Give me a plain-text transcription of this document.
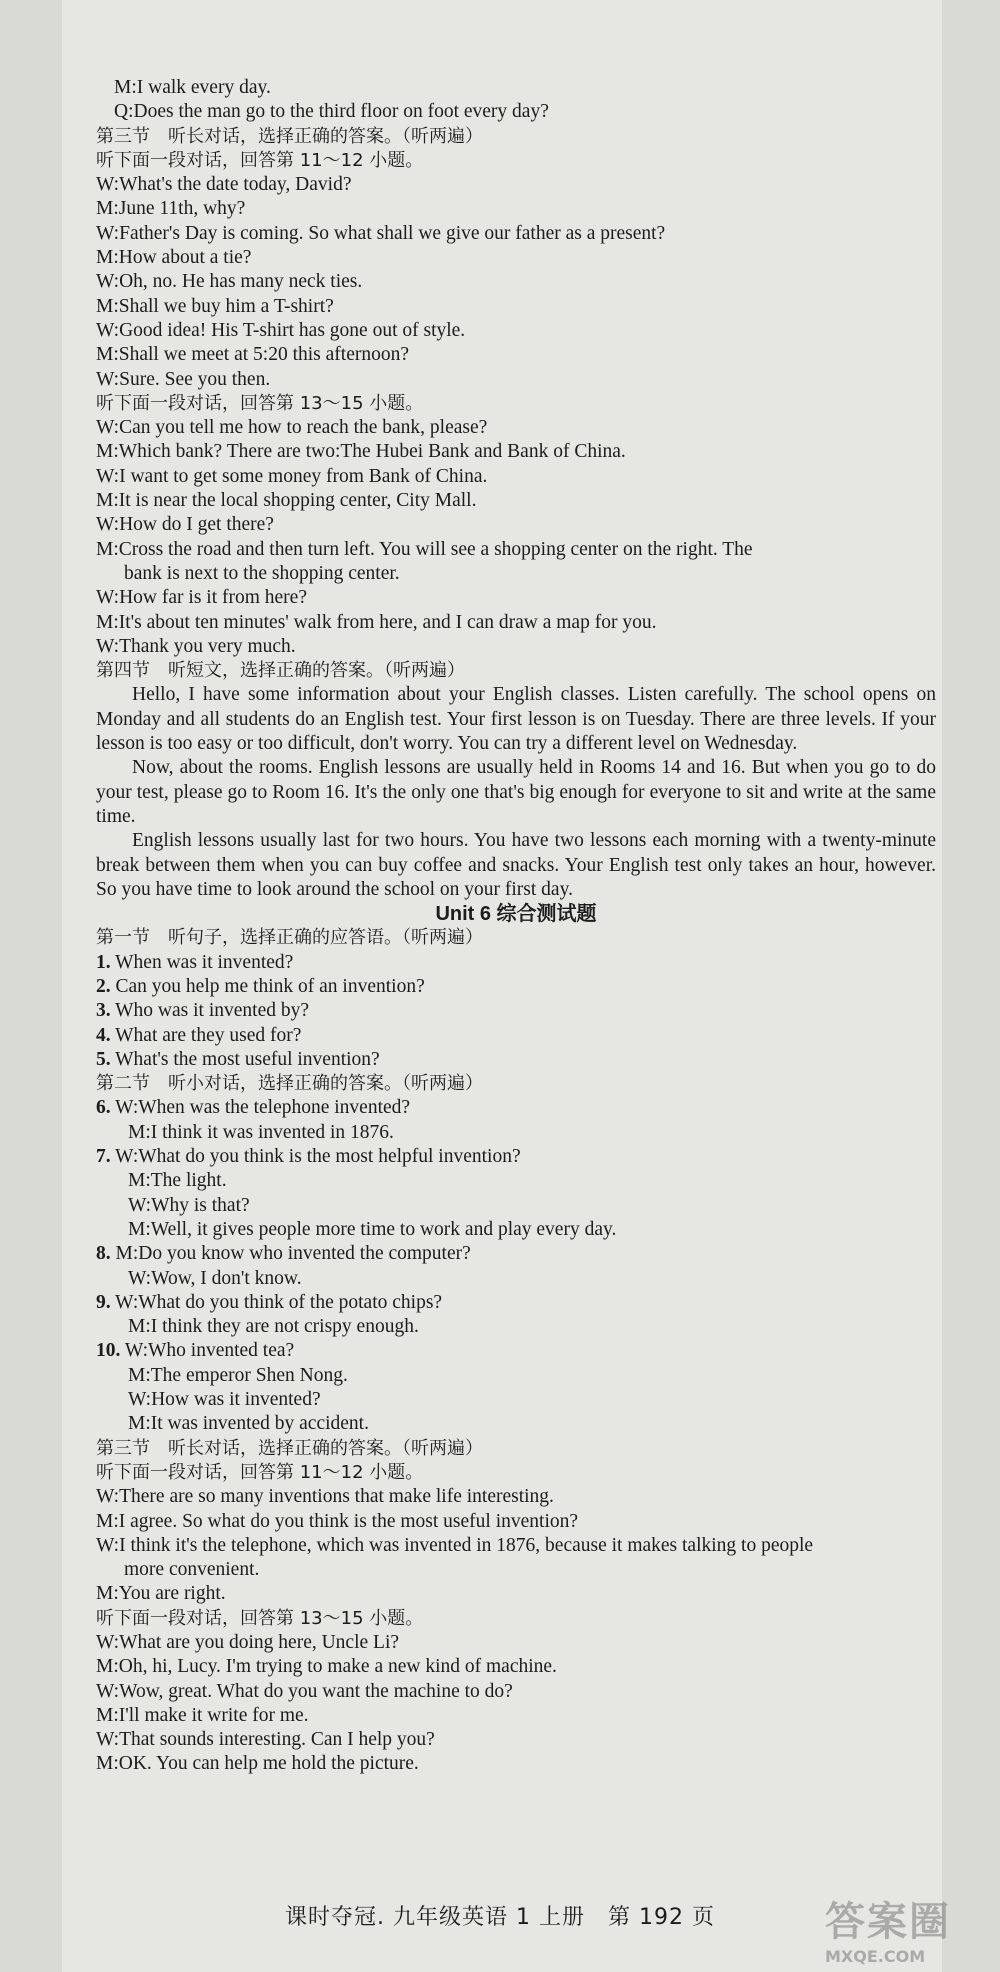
M:I walk every day.
Q:Does the man go to the third floor on foot every day?
第三节　听长对话，选择正确的答案。（听两遍）
听下面一段对话，回答第 11～12 小题。
W:What's the date today, David?
M:June 11th, why?
W:Father's Day is coming. So what shall we give our father as a present?
M:How about a tie?
W:Oh, no. He has many neck ties.
M:Shall we buy him a T-shirt?
W:Good idea! His T-shirt has gone out of style.
M:Shall we meet at 5:20 this afternoon?
W:Sure. See you then.
听下面一段对话，回答第 13～15 小题。
W:Can you tell me how to reach the bank, please?
M:Which bank? There are two:The Hubei Bank and Bank of China.
W:I want to get some money from Bank of China.
M:It is near the local shopping center, City Mall.
W:How do I get there?
M:Cross the road and then turn left. You will see a shopping center on the right. The
bank is next to the shopping center.
W:How far is it from here?
M:It's about ten minutes' walk from here, and I can draw a map for you.
W:Thank you very much.
第四节　听短文，选择正确的答案。（听两遍）
Hello, I have some information about your English classes. Listen carefully. The school opens on Monday and all students do an English test. Your first lesson is on Tuesday. There are three levels. If your lesson is too easy or too difficult, don't worry. You can try a different level on Wednesday.
Now, about the rooms. English lessons are usually held in Rooms 14 and 16. But when you go to do your test, please go to Room 16. It's the only one that's big enough for everyone to sit and write at the same time.
English lessons usually last for two hours. You have two lessons each morning with a twenty-minute break between them when you can buy coffee and snacks. Your English test only takes an hour, however. So you have time to look around the school on your first day.
Unit 6 综合测试题
第一节　听句子，选择正确的应答语。（听两遍）
1. When was it invented?
2. Can you help me think of an invention?
3. Who was it invented by?
4. What are they used for?
5. What's the most useful invention?
第二节　听小对话，选择正确的答案。（听两遍）
6. W:When was the telephone invented?
M:I think it was invented in 1876.
7. W:What do you think is the most helpful invention?
M:The light.
W:Why is that?
M:Well, it gives people more time to work and play every day.
8. M:Do you know who invented the computer?
W:Wow, I don't know.
9. W:What do you think of the potato chips?
M:I think they are not crispy enough.
10. W:Who invented tea?
M:The emperor Shen Nong.
W:How was it invented?
M:It was invented by accident.
第三节　听长对话，选择正确的答案。（听两遍）
听下面一段对话，回答第 11～12 小题。
W:There are so many inventions that make life interesting.
M:I agree. So what do you think is the most useful invention?
W:I think it's the telephone, which was invented in 1876, because it makes talking to people
more convenient.
M:You are right.
听下面一段对话，回答第 13～15 小题。
W:What are you doing here, Uncle Li?
M:Oh, hi, Lucy. I'm trying to make a new kind of machine.
W:Wow, great. What do you want the machine to do?
M:I'll make it write for me.
W:That sounds interesting. Can I help you?
M:OK. You can help me hold the picture.
课时夺冠. 九年级英语 1 上册　第 192 页	答案圈
MXQE.COM
